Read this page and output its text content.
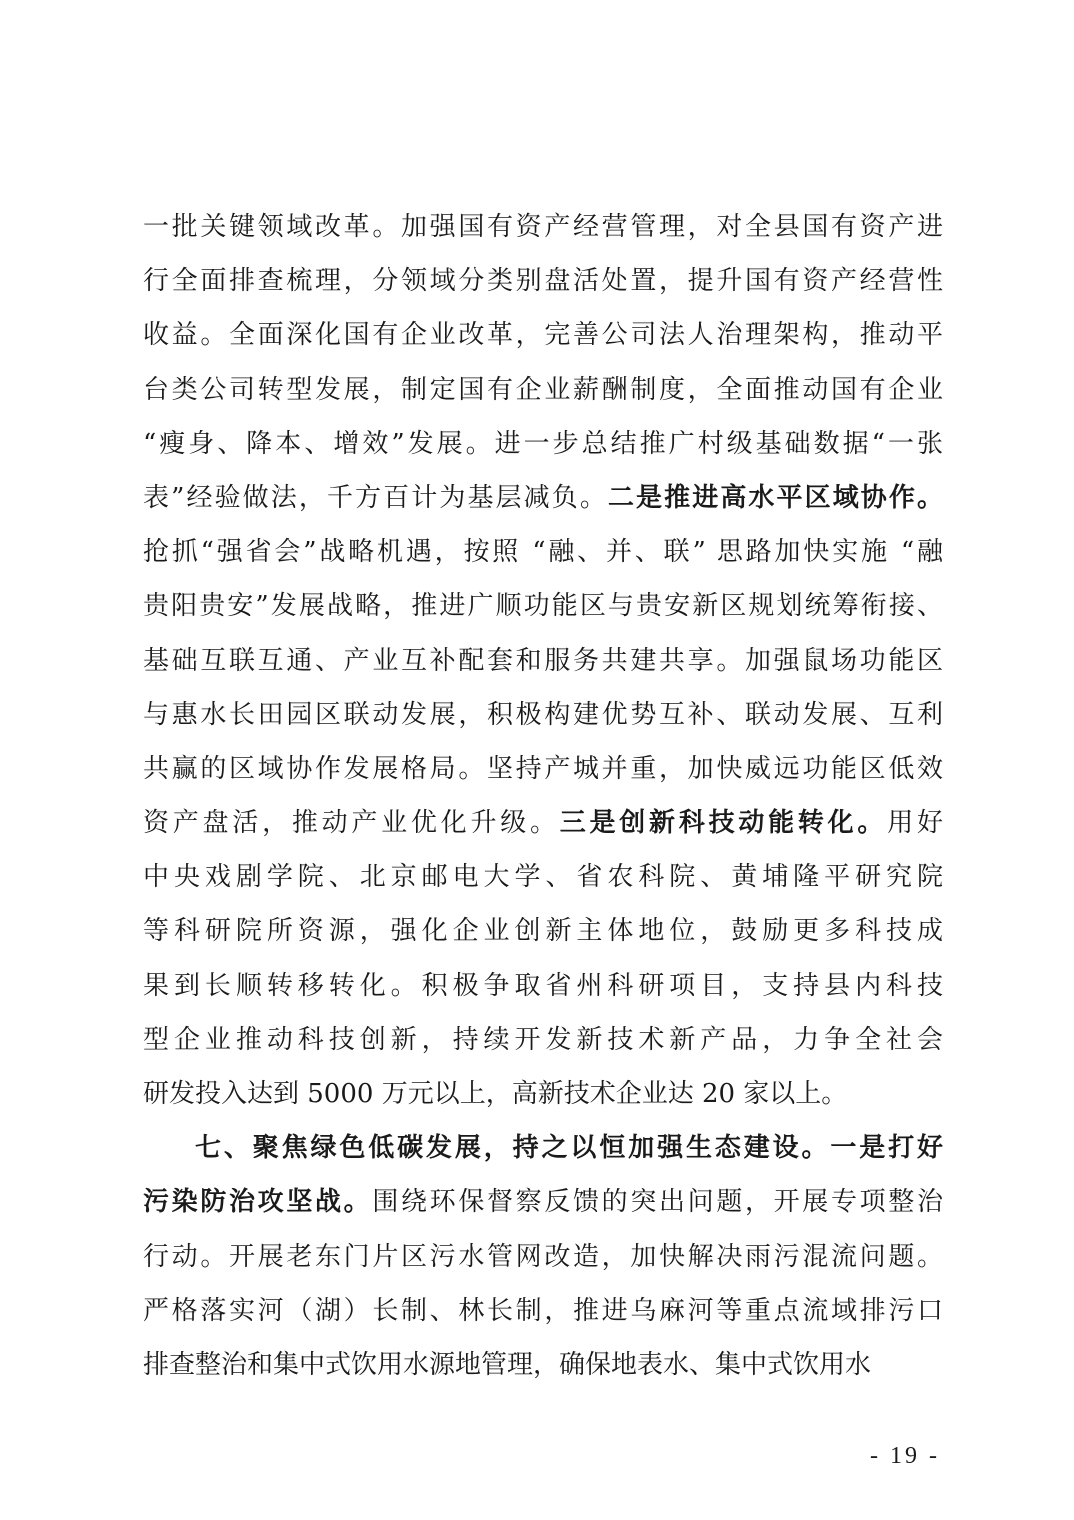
一批关键领域改革。加强国有资产经营管理，对全县国有资产进
行全面排查梳理，分领域分类别盘活处置，提升国有资产经营性
收益。全面深化国有企业改革，完善公司法人治理架构，推动平
台类公司转型发展，制定国有企业薪酬制度，全面推动国有企业
“瘦身、降本、增效”发展。进一步总结推广村级基础数据“一张
表”经验做法，千方百计为基层减负。二是推进高水平区域协作。
抢抓“强省会”战略机遇，按照 “融、并、联” 思路加快实施 “融
贵阳贵安”发展战略，推进广顺功能区与贵安新区规划统筹衔接、
基础互联互通、产业互补配套和服务共建共享。加强鼠场功能区
与惠水长田园区联动发展，积极构建优势互补、联动发展、互利
共赢的区域协作发展格局。坚持产城并重，加快威远功能区低效
资产盘活，推动产业优化升级。三是创新科技动能转化。用好
中央戏剧学院、北京邮电大学、省农科院、黄埔隆平研究院
等科研院所资源，强化企业创新主体地位，鼓励更多科技成
果到长顺转移转化。积极争取省州科研项目，支持县内科技
型企业推动科技创新，持续开发新技术新产品，力争全社会
研发投入达到 5000 万元以上，高新技术企业达 20 家以上。
七、聚焦绿色低碳发展，持之以恒加强生态建设。一是打好
污染防治攻坚战。围绕环保督察反馈的突出问题，开展专项整治
行动。开展老东门片区污水管网改造，加快解决雨污混流问题。
严格落实河（湖）长制、林长制，推进乌麻河等重点流域排污口
排查整治和集中式饮用水源地管理，确保地表水、集中式饮用水
- 19 -
